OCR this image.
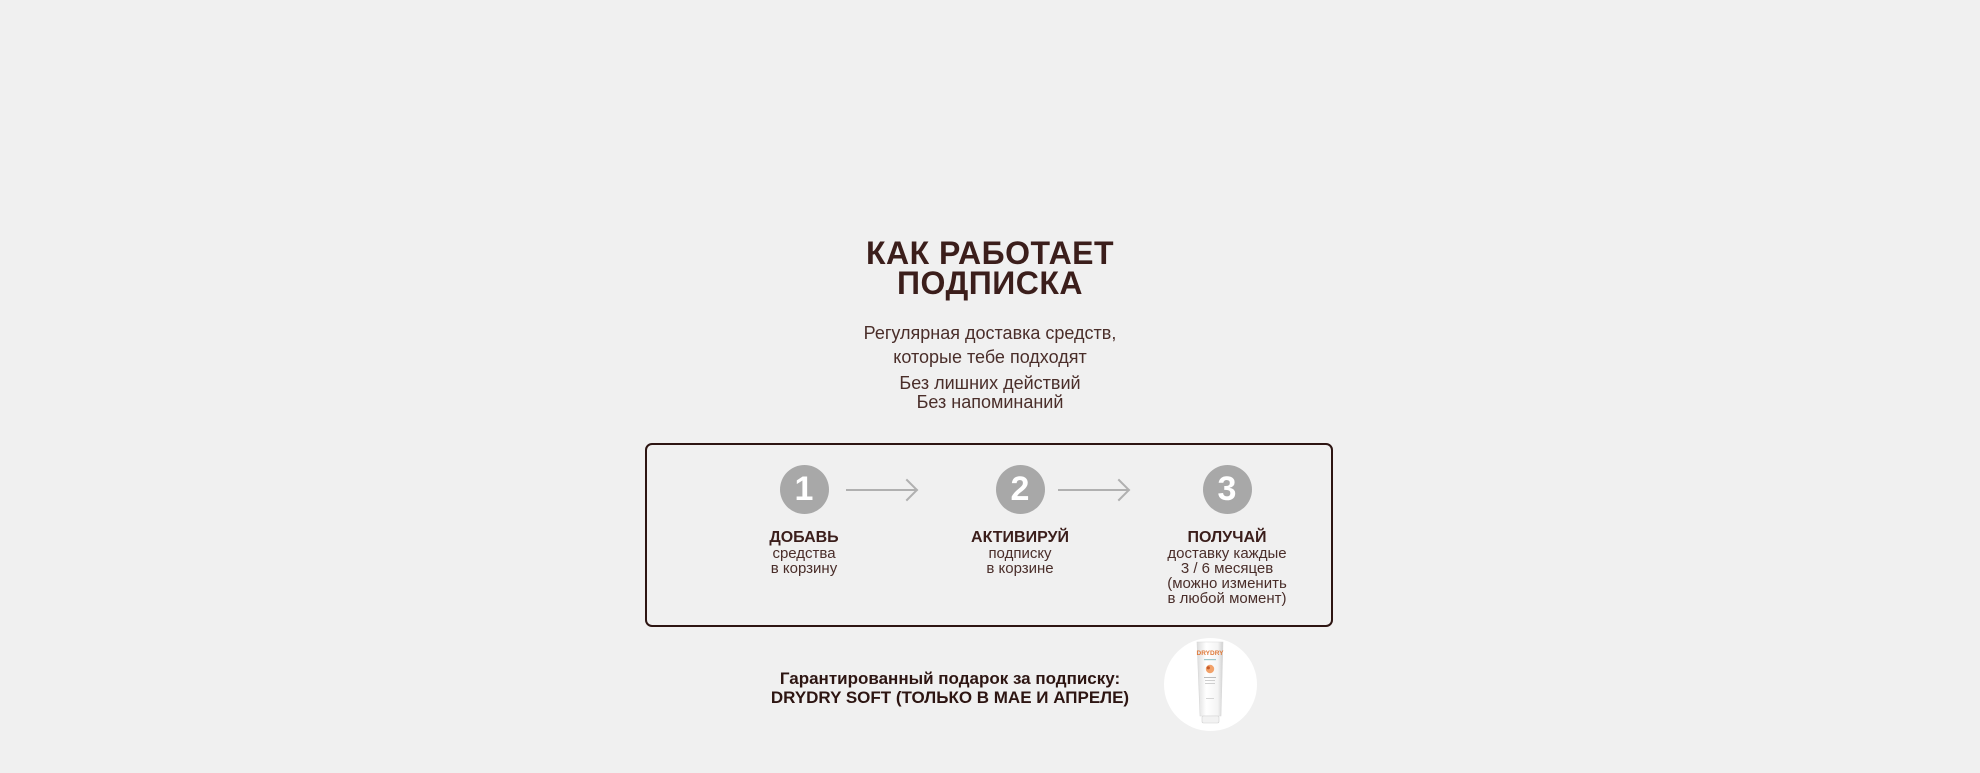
КАК РАБОТАЕТ
ПОДПИСКА

Регулярная доставка средств,
которые тебе подходят

Без лишних действий
Без напоминаний

1
ДОБАВЬ
средства
в корзину
2
АКТИВИРУЙ
подписку
в корзине
3
ПОЛУЧАЙ
доставку каждые
3 / 6 месяцев
(можно изменить
в любой момент)

Гарантированный подарок за подписку:
DRYDRY SOFT (ТОЛЬКО В МАЕ И АПРЕЛЕ)

DRYDRY
